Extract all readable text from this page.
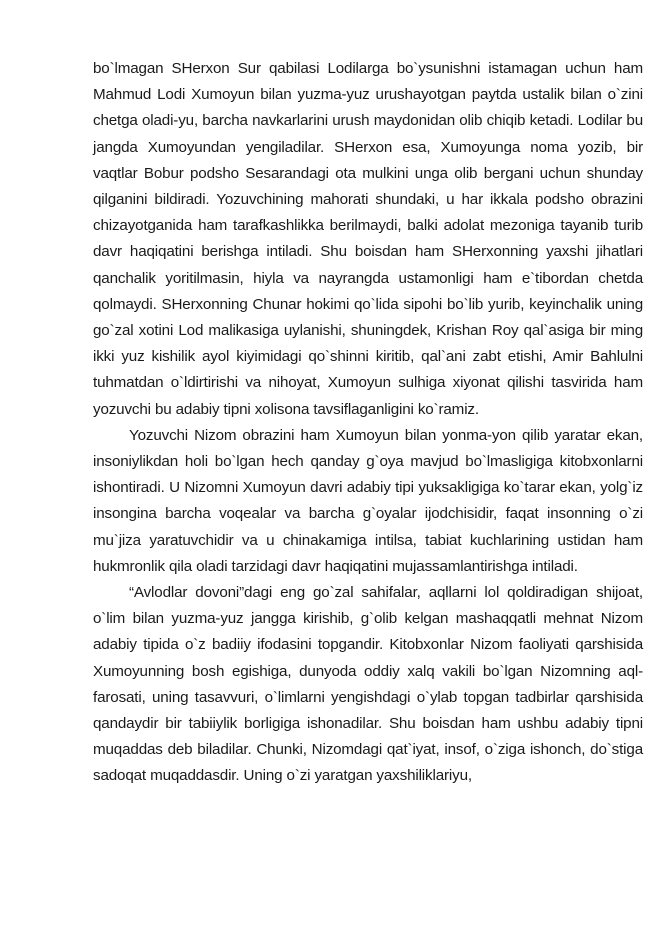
bo`lmagan SHerxon Sur qabilasi Lodilarga bo`ysunishni istamagan uchun ham Mahmud Lodi Xumoyun bilan yuzma-yuz urushayotgan paytda ustalik bilan o`zini chetga oladi-yu, barcha navkarlarini urush maydonidan olib chiqib ketadi. Lodilar bu jangda Xumoyundan yengiladilar. SHerxon esa, Xumoyunga noma yozib, bir vaqtlar Bobur podsho Sesarandagi ota mulkini unga olib bergani uchun shunday qilganini bildiradi. Yozuvchining mahorati shundaki, u har ikkala podsho obrazini chizayotganida ham tarafkashlikka berilmaydi, balki adolat mezoniga tayanib turib davr haqiqatini berishga intiladi. Shu boisdan ham SHerxonning yaxshi jihatlari qanchalik yoritilmasin, hiyla va nayrangda ustamonligi ham e`tibordan chetda qolmaydi. SHerxonning Chunar hokimi qo`lida sipohi bo`lib yurib, keyinchalik uning go`zal xotini Lod malikasiga uylanishi, shuningdek, Krishan Roy qal`asiga bir ming ikki yuz kishilik ayol kiyimidagi qo`shinni kiritib, qal`ani zabt etishi, Amir Bahlulni tuhmatdan o`ldirtirishi va nihoyat, Xumoyun sulhiga xiyonat qilishi tasvirida ham yozuvchi bu adabiy tipni xolisona tavsiflaganligini ko`ramiz.

Yozuvchi Nizom obrazini ham Xumoyun bilan yonma-yon qilib yaratar ekan, insoniylikdan holi bo`lgan hech qanday g`oya mavjud bo`lmasligiga kitobxonlarni ishontiradi. U Nizomni Xumoyun davri adabiy tipi yuksakligiga ko`tarar ekan, yolg`iz insongina barcha voqealar va barcha g`oyalar ijodchisidir, faqat insonning o`zi mu`jiza yaratuvchidir va u chinakamiga intilsa, tabiat kuchlarining ustidan ham hukmronlik qila oladi tarzidagi davr haqiqatini mujassamlantirishga intiladi.

“Avlodlar dovoni”dagi eng go`zal sahifalar, aqllarni lol qoldiradigan shijoat, o`lim bilan yuzma-yuz jangga kirishib, g`olib kelgan mashaqqatli mehnat Nizom adabiy tipida o`z badiiy ifodasini topgandir. Kitobxonlar Nizom faoliyati qarshisida Xumoyunning bosh egishiga, dunyoda oddiy xalq vakili bo`lgan Nizomning aql-farosati, uning tasavvuri, o`limlarni yengishdagi o`ylab topgan tadbirlar qarshisida qandaydir bir tabiiylik borligiga ishonadilar. Shu boisdan ham ushbu adabiy tipni muqaddas deb biladilar. Chunki, Nizomdagi qat`iyat, insof, o`ziga ishonch, do`stiga sadoqat muqaddasdir. Uning o`zi yaratgan yaxshiliklariyu,
